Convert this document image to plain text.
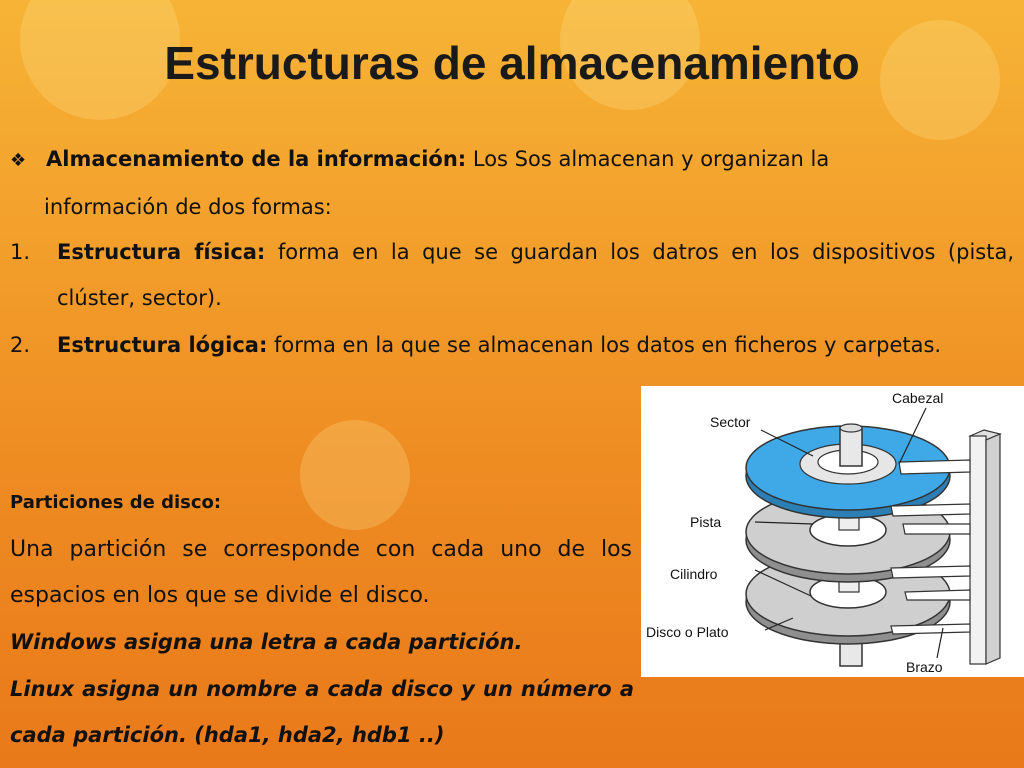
Estructuras de almacenamiento
❖ Almacenamiento de la información: Los Sos almacenan y organizan la
información de dos formas:
1.	Estructura física: forma en la que se guardan los datros en los dispositivos (pista, clúster, sector).
2.	Estructura lógica: forma en la que se almacenan los datos en ficheros y carpetas.
Particiones de disco:
Una partición se corresponde con cada uno de los espacios en los que se divide el disco.
Windows asigna una letra a cada partición.
Linux asigna un nombre a cada disco y un número a cada partición. (hda1, hda2, hdb1 ..)
Cabezal
Sector
Pista
Cilindro
Disco o Plato
Brazo
